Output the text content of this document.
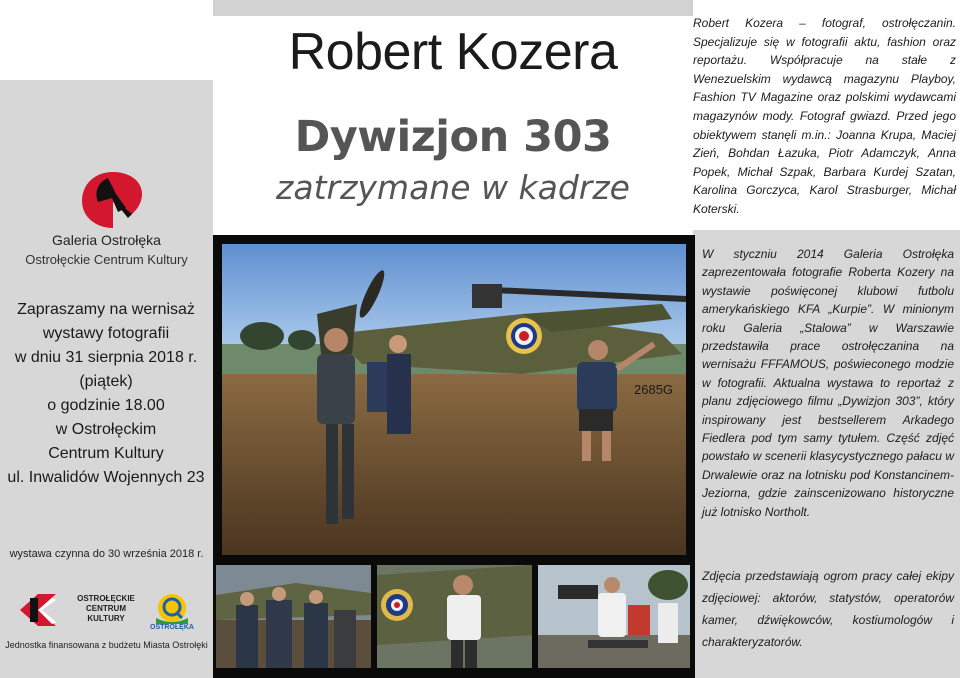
Galeria Ostrołęka
Ostrołęckie Centrum Kultury
Zapraszamy na wernisaż
wystawy fotografii
w dniu 31 sierpnia 2018 r.
(piątek)
o godzinie 18.00
w Ostrołęckim
Centrum Kultury
ul. Inwalidów Wojennych 23
wystawa czynna do 30 września 2018 r.
OSTROŁĘCKIE
CENTRUM
KULTURY
OSTROŁĘKA
Jednostka finansowana z budżetu Miasta Ostrołęki
Robert Kozera
Dywizjon 303
zatrzymane w kadrze
Robert Kozera – fotograf, ostrołęczanin. Specjalizuje się w fotografii aktu, fashion oraz reportażu. Współpracuje na stałe z Wenezuelskim wydawcą magazynu Playboy, Fashion TV Magazine oraz polskimi wydawcami magazynów mody. Fotograf gwiazd. Przed jego obiektywem stanęli m.in.: Joanna Krupa, Maciej Zień, Bohdan Łazuka, Piotr Adamczyk, Anna Popek, Michał Szpak, Barbara Kurdej Szatan, Karolina Gorczyca, Karol Strasburger, Michał Koterski.

W styczniu 2014 Galeria Ostrołęka zaprezentowała fotografie Roberta Kozery na wystawie poświęconej klubowi futbolu amerykańskiego KFA „Kurpie”. W minionym roku Galeria „Stalowa” w Warszawie przedstawiła prace ostrołęczanina na wernisażu FFFAMOUS, poświeconego modzie w fotografii. Aktualna wystawa to reportaż z planu zdjęciowego filmu „Dywizjon 303”, który inspirowany jest bestsellerem Arkadego Fiedlera pod tym samy tytułem. Część zdjęć powstało w scenerii klasycystycznego pałacu w Drwalewie oraz na lotnisku pod Konstancinem-Jeziorna, gdzie zainscenizowano historyczne już lotnisko Northolt.

Zdjęcia przedstawiają ogrom pracy całej ekipy zdjęciowej: aktorów, statystów, operatorów kamer, dźwiękowców, kostiumologów i charakteryzatorów.
2685G
